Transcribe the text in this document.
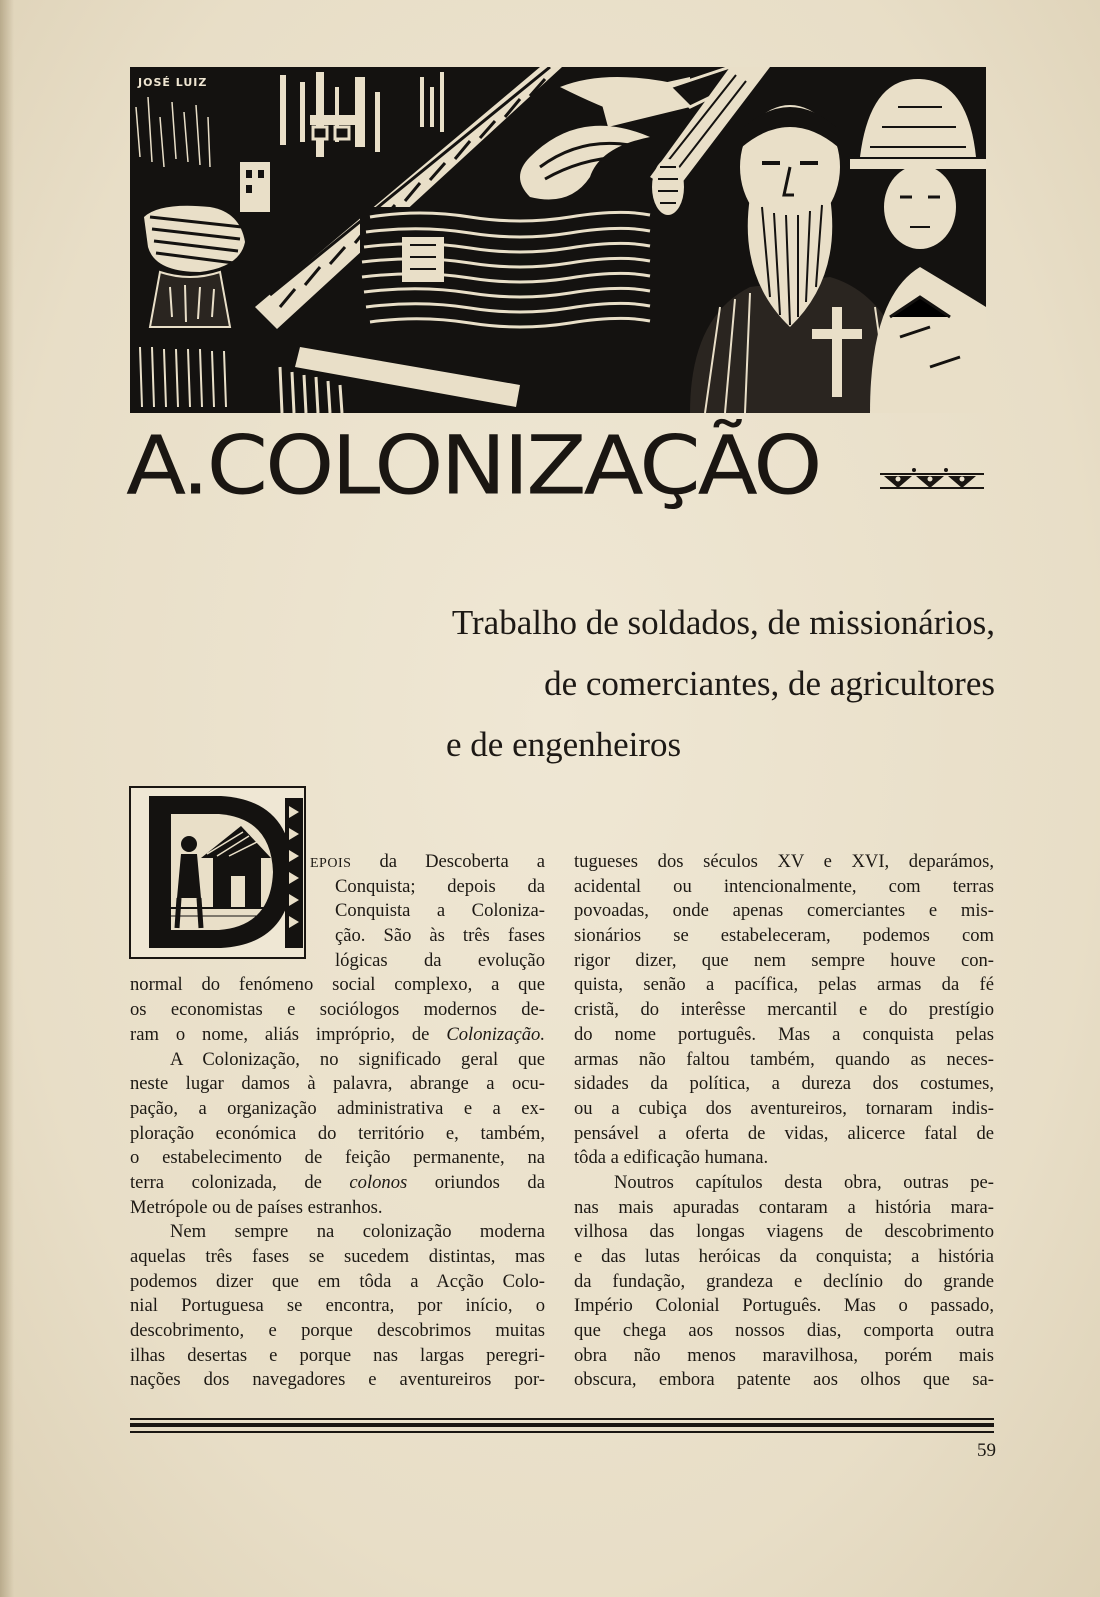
JOSÉ LUIZ
A.COLONIZAÇÃO
Trabalho de soldados, de missionários,
de comerciantes, de agricultores
e de engenheiros
EPOIS da Descoberta a
Conquista; depois da
Conquista a Coloniza-
ção. São às três fases
lógicas da evolução
normal do fenómeno social complexo, a que
os economistas e sociólogos modernos de-
ram o nome, aliás impróprio, de Colonização.
A Colonização, no significado geral que
neste lugar damos à palavra, abrange a ocu-
pação, a organização administrativa e a ex-
ploração económica do território e, também,
o estabelecimento de feição permanente, na
terra colonizada, de colonos oriundos da
Metrópole ou de países estranhos.
Nem sempre na colonização moderna
aquelas três fases se sucedem distintas, mas
podemos dizer que em tôda a Acção Colo-
nial Portuguesa se encontra, por início, o
descobrimento, e porque descobrimos muitas
ilhas desertas e porque nas largas peregri-
nações dos navegadores e aventureiros por-
tugueses dos séculos XV e XVI, deparámos,
acidental ou intencionalmente, com terras
povoadas, onde apenas comerciantes e mis-
sionários se estabeleceram, podemos com
rigor dizer, que nem sempre houve con-
quista, senão a pacífica, pelas armas da fé
cristã, do interêsse mercantil e do prestígio
do nome português. Mas a conquista pelas
armas não faltou também, quando as neces-
sidades da política, a dureza dos costumes,
ou a cubiça dos aventureiros, tornaram indis-
pensável a oferta de vidas, alicerce fatal de
tôda a edificação humana.
Noutros capítulos desta obra, outras pe-
nas mais apuradas contaram a história mara-
vilhosa das longas viagens de descobrimento
e das lutas heróicas da conquista; a história
da fundação, grandeza e declínio do grande
Império Colonial Português. Mas o passado,
que chega aos nossos dias, comporta outra
obra não menos maravilhosa, porém mais
obscura, embora patente aos olhos que sa-
59
